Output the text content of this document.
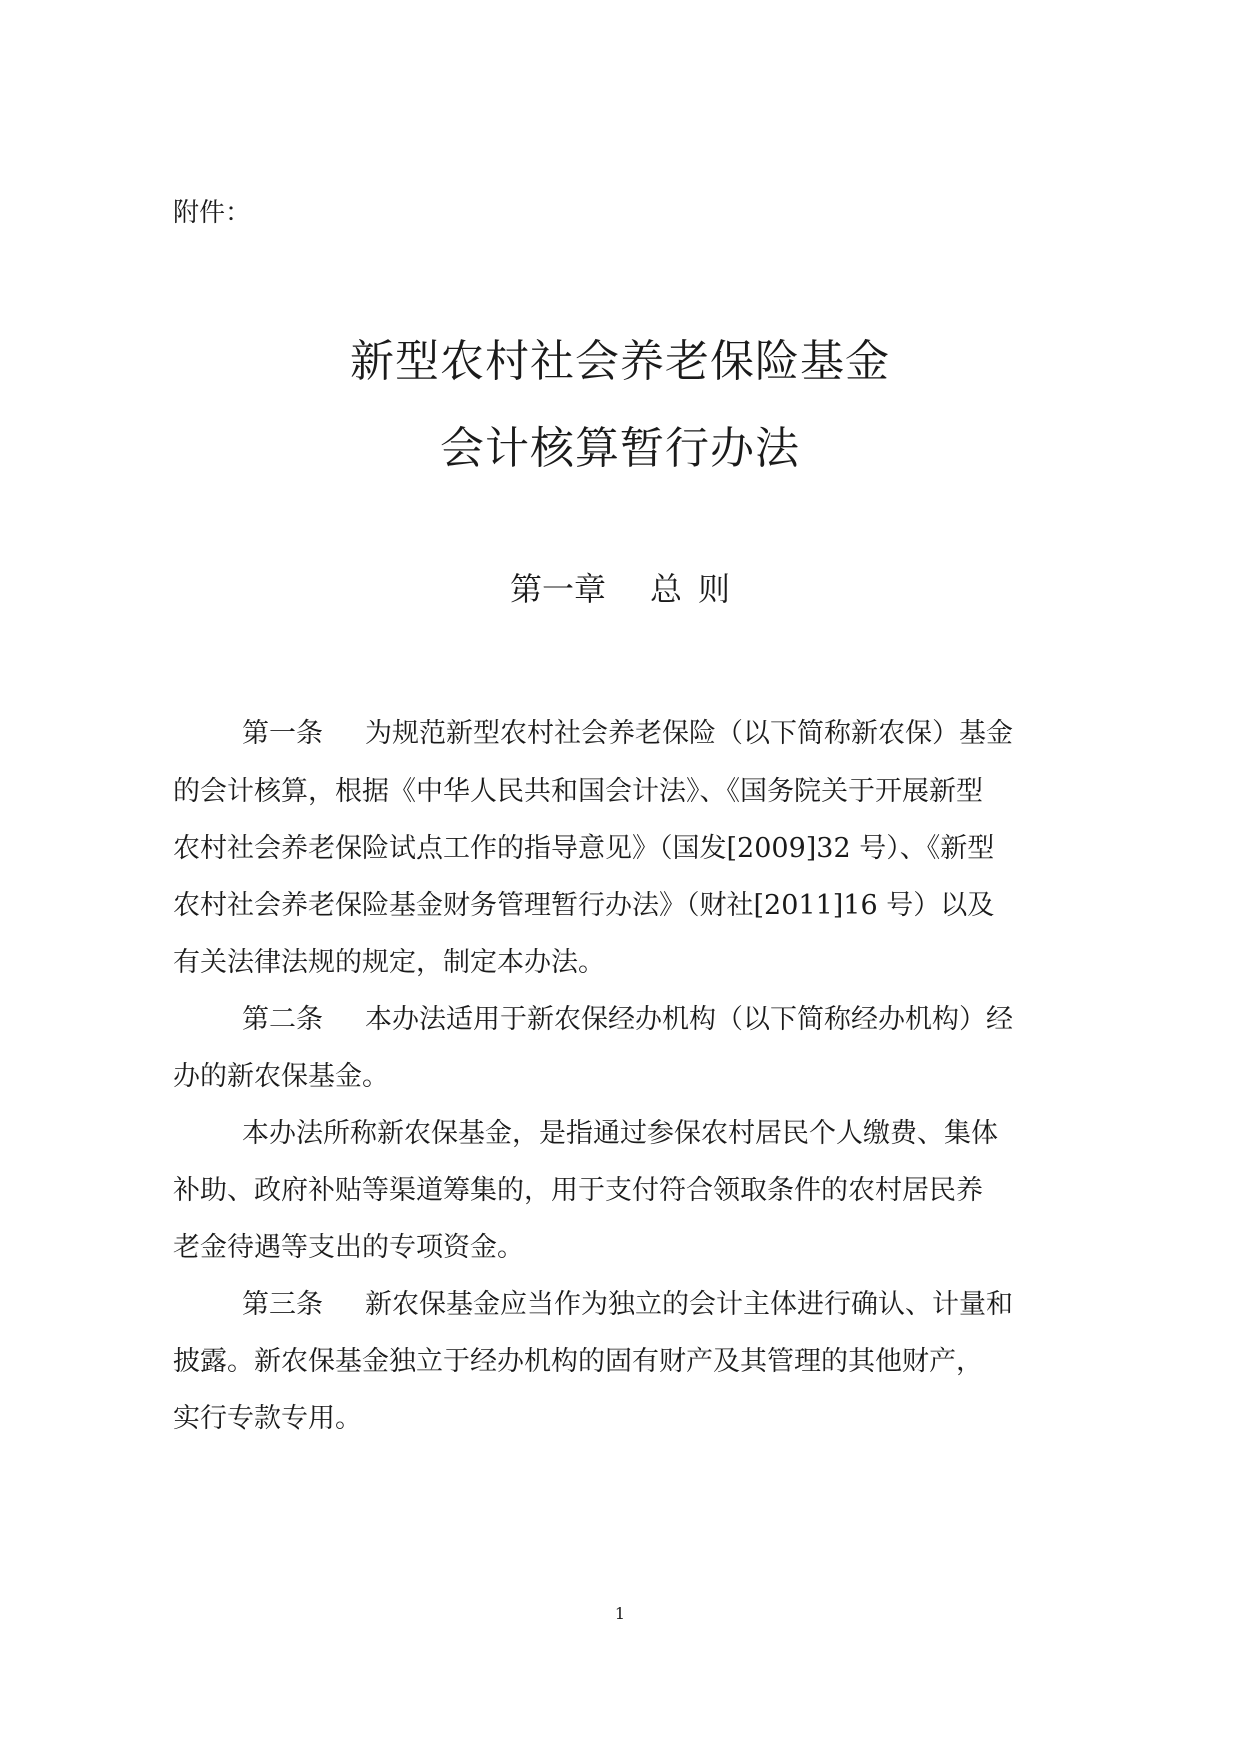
附件：
新型农村社会养老保险基金
会计核算暂行办法
第一章 总 则
第一条 为规范新型农村社会养老保险（以下简称新农保）基金
的会计核算，根据《中华人民共和国会计法》、《国务院关于开展新型
农村社会养老保险试点工作的指导意见》（国发[2009]32 号）、《新型
农村社会养老保险基金财务管理暂行办法》（财社[2011]16 号）以及
有关法律法规的规定，制定本办法。
第二条 本办法适用于新农保经办机构（以下简称经办机构）经
办的新农保基金。
本办法所称新农保基金，是指通过参保农村居民个人缴费、集体
补助、政府补贴等渠道筹集的，用于支付符合领取条件的农村居民养
老金待遇等支出的专项资金。
第三条 新农保基金应当作为独立的会计主体进行确认、计量和
披露。新农保基金独立于经办机构的固有财产及其管理的其他财产，
实行专款专用。
1
